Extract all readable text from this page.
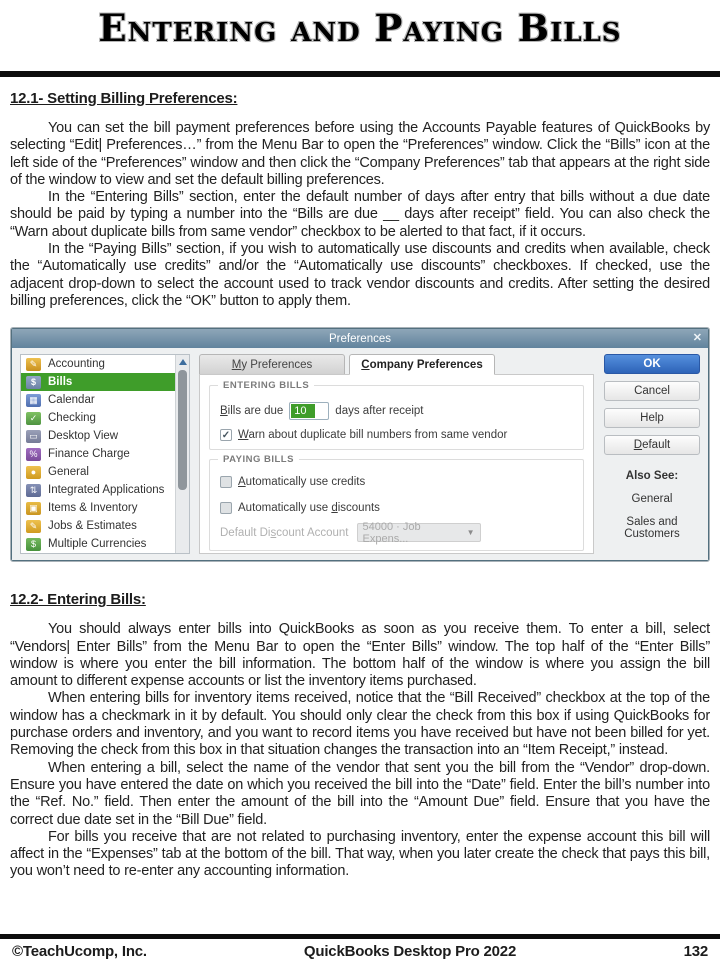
Entering and Paying Bills
12.1- Setting Billing Preferences:

You can set the bill payment preferences before using the Accounts Payable features of QuickBooks by selecting “Edit| Preferences…” from the Menu Bar to open the “Preferences” window. Click the “Bills” icon at the left side of the “Preferences” window and then click the “Company Preferences” tab that appears at the right side of the window to view and set the default billing preferences.

In the “Entering Bills” section, enter the default number of days after entry that bills without a due date should be paid by typing a number into the “Bills are due __ days after receipt” field. You can also check the “Warn about duplicate bills from same vendor” checkbox to be alerted to that fact, if it occurs.

In the “Paying Bills” section, if you wish to automatically use discounts and credits when available, check the “Automatically use credits” and/or the “Automatically use discounts” checkboxes. If checked, use the adjacent drop-down to select the account used to track vendor discounts and credits. After setting the desired billing preferences, click the “OK” button to apply them.

Preferences	✕
✎
Accounting
$
Bills
▦
Calendar
✓
Checking
▭
Desktop View
%
Finance Charge
●
General
⇅
Integrated Applications
▣
Items & Inventory
✎
Jobs & Estimates
$
Multiple Currencies
M y Preferences	C ompany Preferences
ENTERING BILLS
Bills are due 10	days after receipt
✓
Warn about duplicate bill numbers from same vendor
PAYING BILLS
Automatically use credits
Automatically use discounts
Default Discount Account 54000 · Job Expens...	▼
OK
Cancel
Help
D efault
Also See:
General
Sales and
Customers
12.2- Entering Bills:

You should always enter bills into QuickBooks as soon as you receive them. To enter a bill, select “Vendors| Enter Bills” from the Menu Bar to open the “Enter Bills” window. The top half of the “Enter Bills” window is where you enter the bill information. The bottom half of the window is where you assign the bill amount to different expense accounts or list the inventory items purchased.

When entering bills for inventory items received, notice that the “Bill Received” checkbox at the top of the window has a checkmark in it by default. You should only clear the check from this box if using QuickBooks for purchase orders and inventory, and you want to record items you have received but have not been billed for yet. Removing the check from this box in that situation changes the transaction into an “Item Receipt,” instead.

When entering a bill, select the name of the vendor that sent you the bill from the “Vendor” drop-down. Ensure you have entered the date on which you received the bill into the “Date” field. Enter the bill’s number into the “Ref. No.” field. Then enter the amount of the bill into the “Amount Due” field. Ensure that you have the correct due date set in the “Bill Due” field.

For bills you receive that are not related to purchasing inventory, enter the expense account this bill will affect in the “Expenses” tab at the bottom of the bill. That way, when you later create the check that pays this bill, you won’t need to re-enter any accounting information.

©TeachUcomp, Inc.	QuickBooks Desktop Pro 2022	132
